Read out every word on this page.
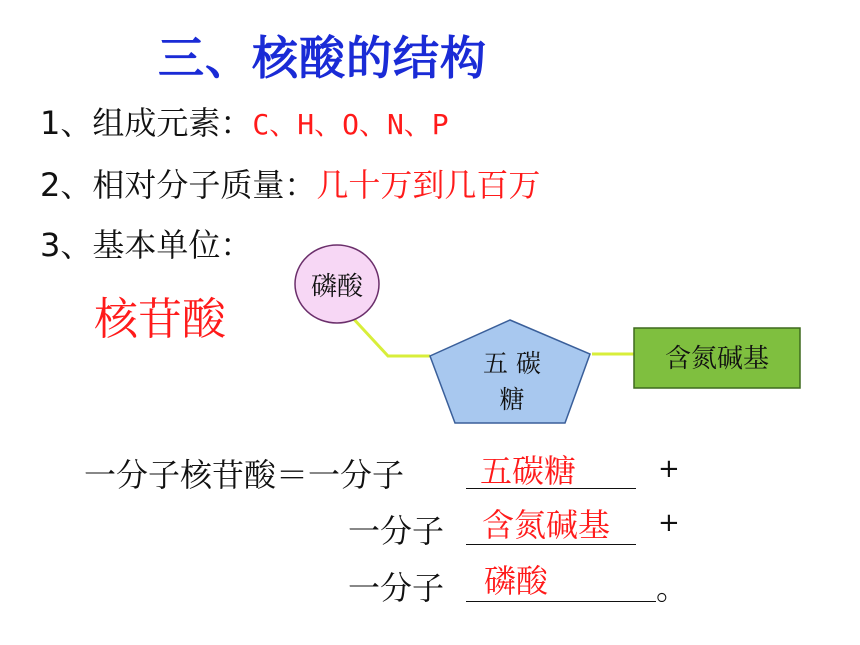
三、核酸的结构
1、组成元素：C、H、O、N、P
2、相对分子质量：几十万到几百万
3、基本单位：
核苷酸
磷酸
五 碳
糖
含氮碱基
一分子核苷酸＝一分子 五碳糖	+
一分子 含氮碱基 +
一分子 磷酸	。
